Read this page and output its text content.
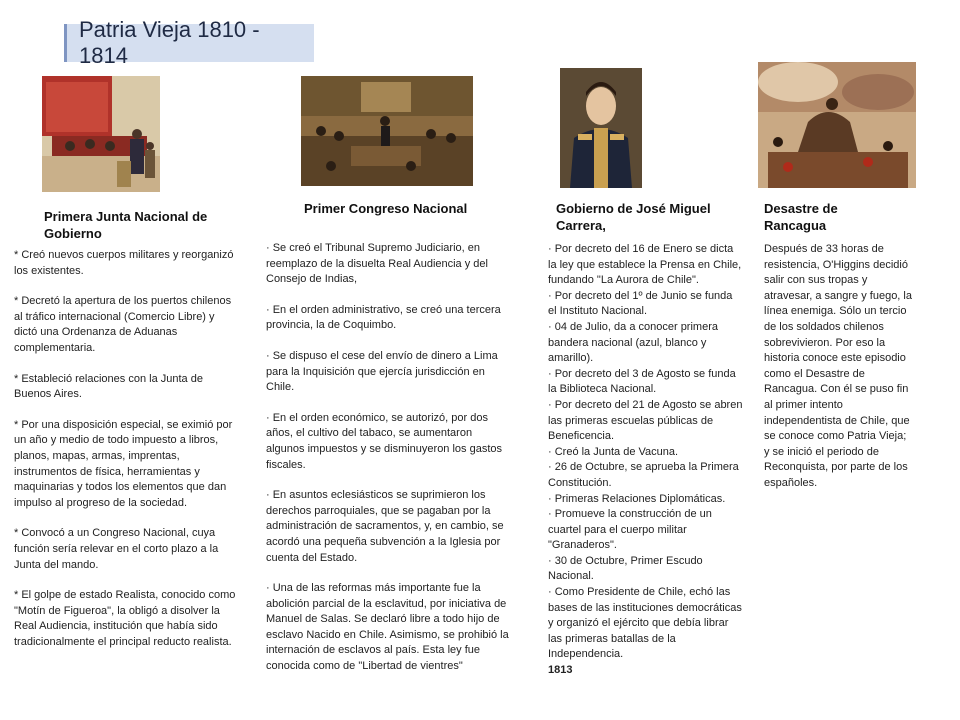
Patria Vieja 1810 - 1814
Primera Junta Nacional de Gobierno

* Creó nuevos cuerpos militares y reorganizó los existentes.

* Decretó la apertura de los puertos chilenos al tráfico internacional (Comercio Libre) y dictó una Ordenanza de Aduanas complementaria.

* Estableció relaciones con la Junta de Buenos Aires.

* Por una disposición especial, se eximió por un año y medio de todo impuesto a libros, planos, mapas, armas, imprentas, instrumentos de física, herramientas y maquinarias y todos los elementos que dan impulso al progreso de la sociedad.

* Convocó a un Congreso Nacional, cuya función sería relevar en el corto plazo a la Junta del mando.

* El golpe de estado Realista, conocido como "Motín de Figueroa", la obligó a disolver la Real Audiencia, institución que había sido tradicionalmente el principal reducto realista.

Primer Congreso Nacional

· Se creó el Tribunal Supremo Judiciario, en reemplazo de la disuelta Real Audiencia y del Consejo de Indias,

· En el orden administrativo, se creó una tercera provincia, la de Coquimbo.

· Se dispuso el cese del envío de dinero a Lima para la Inquisición que ejercía jurisdicción en Chile.

· En el orden económico, se autorizó, por dos años, el cultivo del tabaco, se aumentaron algunos impuestos y se disminuyeron los gastos fiscales.

· En asuntos eclesiásticos se suprimieron los derechos parroquiales, que se pagaban por la administración de sacramentos, y, en cambio, se acordó una pequeña subvención a la Iglesia por cuenta del Estado.

· Una de las reformas más importante fue la abolición parcial de la esclavitud, por iniciativa de Manuel de Salas. Se declaró libre a todo hijo de esclavo Nacido en Chile. Asimismo, se prohibió la internación de esclavos al país. Esta ley fue conocida como de "Libertad de vientres"

Gobierno de José Miguel Carrera,

· Por decreto del 16 de Enero se dicta la ley que establece la Prensa en Chile, fundando "La Aurora de Chile".

· Por decreto del 1º de Junio se funda el Instituto Nacional.

· 04 de Julio, da a conocer primera bandera nacional (azul, blanco y amarillo).

· Por decreto del 3 de Agosto se funda la Biblioteca Nacional.

· Por decreto del 21 de Agosto se abren las primeras escuelas públicas de Beneficencia.

· Creó la Junta de Vacuna.

· 26 de Octubre, se aprueba la Primera Constitución.

· Primeras Relaciones Diplomáticas.

· Promueve la construcción de un cuartel para el cuerpo militar "Granaderos".

· 30 de Octubre, Primer Escudo Nacional.

· Como Presidente de Chile, echó las bases de las instituciones democráticas y organizó el ejército que debía librar las primeras batallas de la Independencia.

1813

Desastre de Rancagua

Después de 33 horas de resistencia, O'Higgins decidió salir con sus tropas y atravesar, a sangre y fuego, la línea enemiga. Sólo un tercio de los soldados chilenos sobrevivieron. Por eso la historia conoce este episodio como el Desastre de Rancagua. Con él se puso fin al primer intento independentista de Chile, que se conoce como Patria Vieja; y se inició el periodo de Reconquista, por parte de los españoles.
